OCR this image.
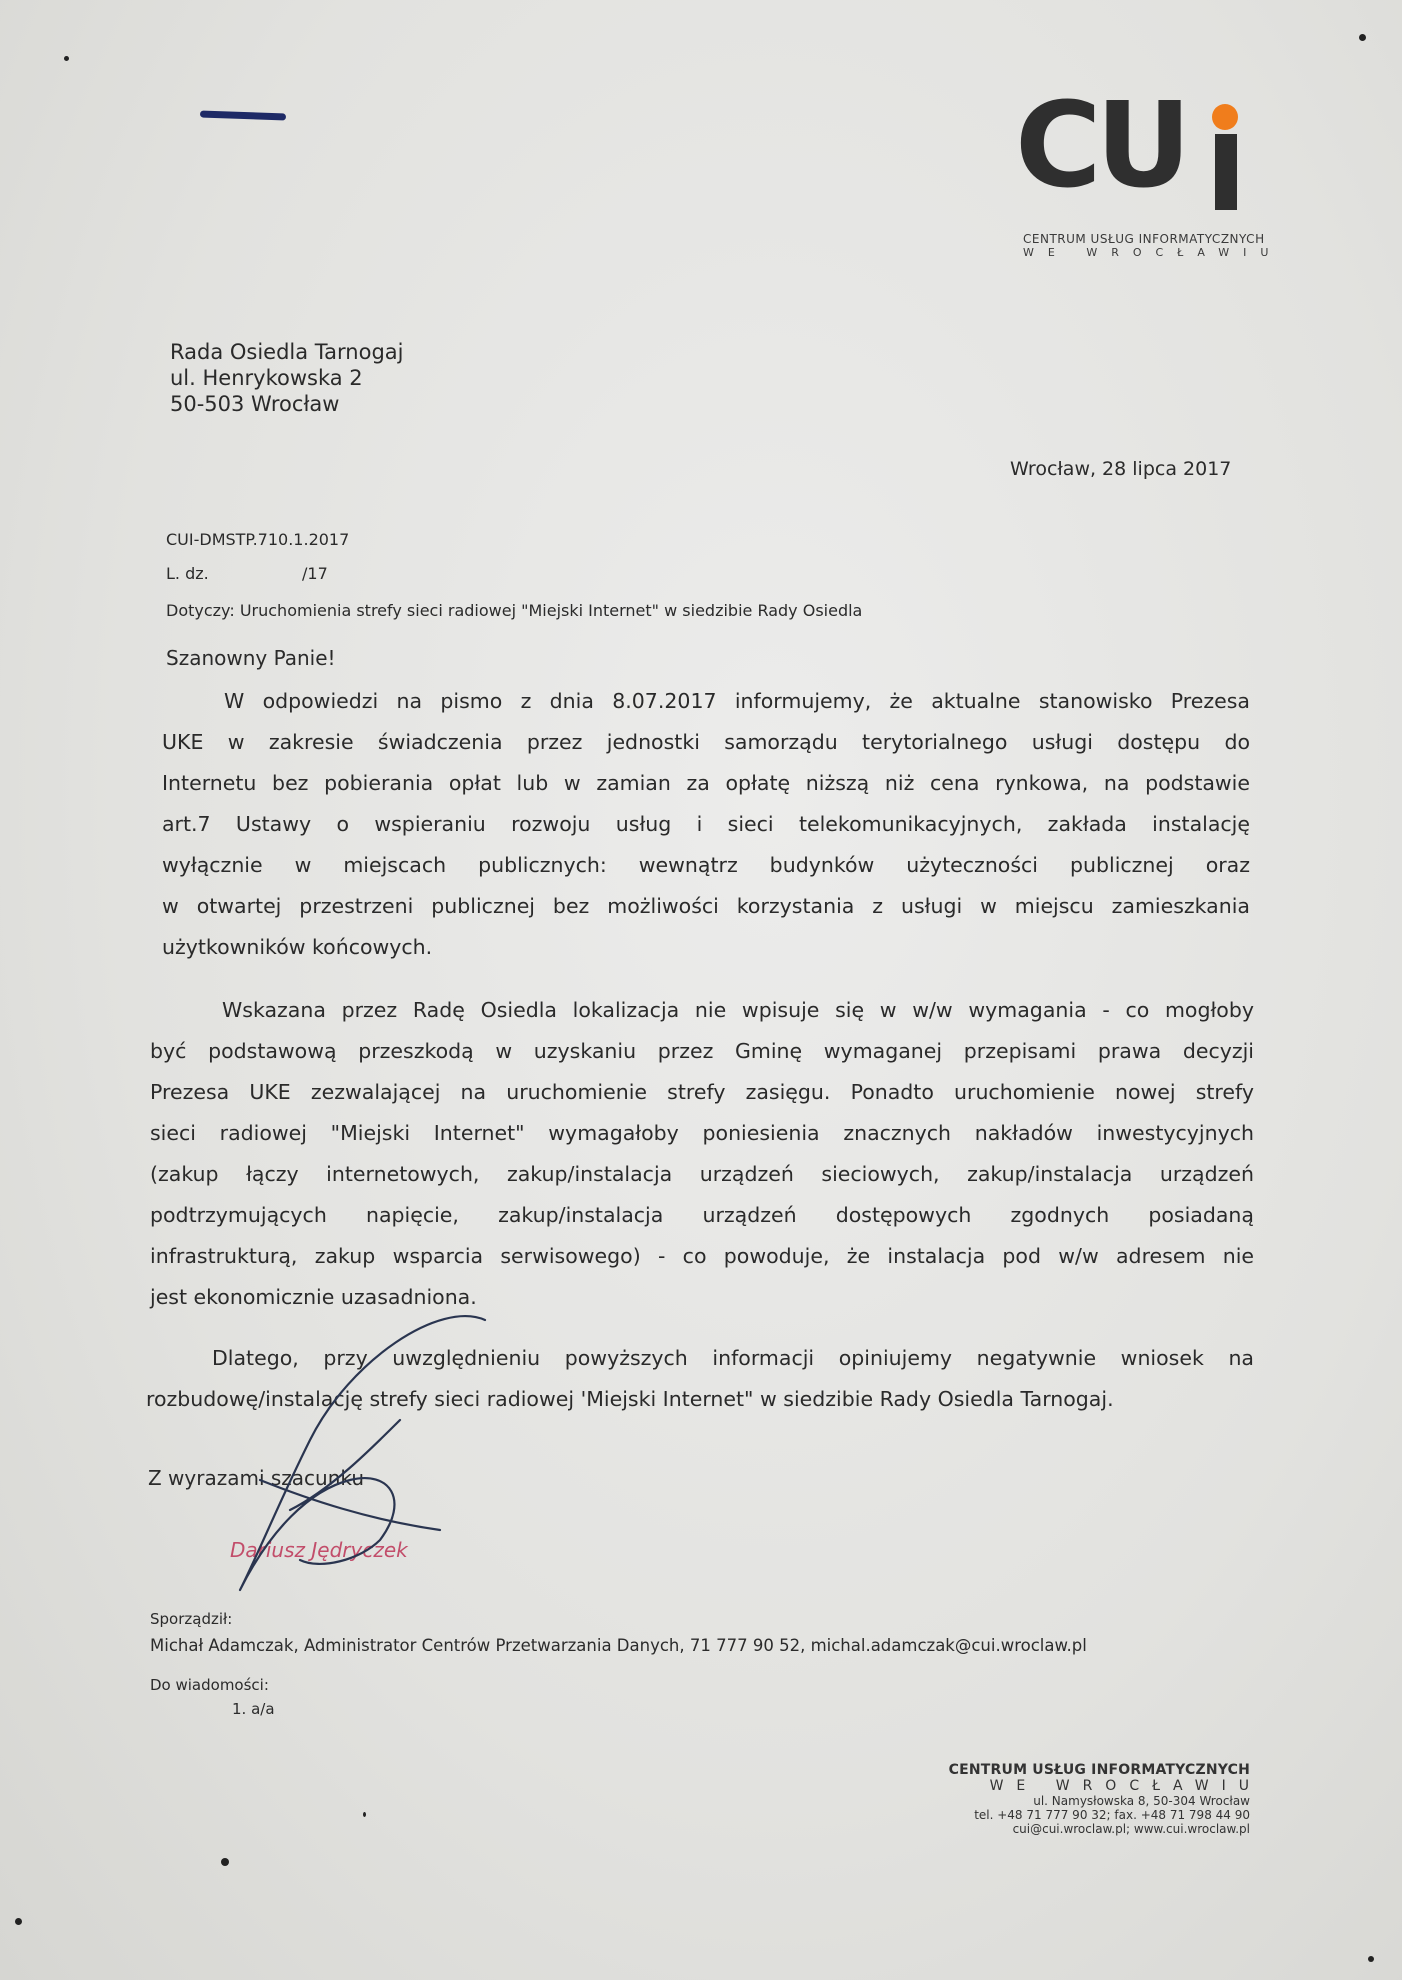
CU
CENTRUM USŁUG INFORMATYCZNYCH
WE WROCŁAWIU
Rada Osiedla Tarnogaj
ul. Henrykowska 2
50-503 Wrocław
Wrocław, 28 lipca 2017
CUI-DMSTP.710.1.2017
L. dz.	/17
Dotyczy: Uruchomienia strefy sieci radiowej "Miejski Internet" w siedzibie Rady Osiedla
Szanowny Panie!
W odpowiedzi na pismo z dnia 8.07.2017 informujemy, że aktualne stanowisko Prezesa
UKE w zakresie świadczenia przez jednostki samorządu terytorialnego usługi dostępu do
Internetu bez pobierania opłat lub w zamian za opłatę niższą niż cena rynkowa, na podstawie
art.7 Ustawy o wspieraniu rozwoju usług i sieci telekomunikacyjnych, zakłada instalację
wyłącznie w miejscach publicznych: wewnątrz budynków użyteczności publicznej oraz
w otwartej przestrzeni publicznej bez możliwości korzystania z usługi w miejscu zamieszkania
użytkowników końcowych.
Wskazana przez Radę Osiedla lokalizacja nie wpisuje się w w/w wymagania - co mogłoby
być podstawową przeszkodą w uzyskaniu przez Gminę wymaganej przepisami prawa decyzji
Prezesa UKE zezwalającej na uruchomienie strefy zasięgu. Ponadto uruchomienie nowej strefy
sieci radiowej "Miejski Internet" wymagałoby poniesienia znacznych nakładów inwestycyjnych
(zakup łączy internetowych, zakup/instalacja urządzeń sieciowych, zakup/instalacja urządzeń
podtrzymujących napięcie, zakup/instalacja urządzeń dostępowych zgodnych posiadaną
infrastrukturą, zakup wsparcia serwisowego) - co powoduje, że instalacja pod w/w adresem nie
jest ekonomicznie uzasadniona.
Dlatego, przy uwzględnieniu powyższych informacji opiniujemy negatywnie wniosek na
rozbudowę/instalację strefy sieci radiowej 'Miejski Internet" w siedzibie Rady Osiedla Tarnogaj.
Z wyrazami szacunku
Dariusz Jędryczek
Sporządził:
Michał Adamczak, Administrator Centrów Przetwarzania Danych, 71 777 90 52, michal.adamczak@cui.wroclaw.pl
Do wiadomości:
1. a/a
CENTRUM USŁUG INFORMATYCZNYCH
WE WROCŁAWIU
ul. Namysłowska 8, 50-304 Wrocław
tel. +48 71 777 90 32; fax. +48 71 798 44 90
cui@cui.wroclaw.pl; www.cui.wroclaw.pl
